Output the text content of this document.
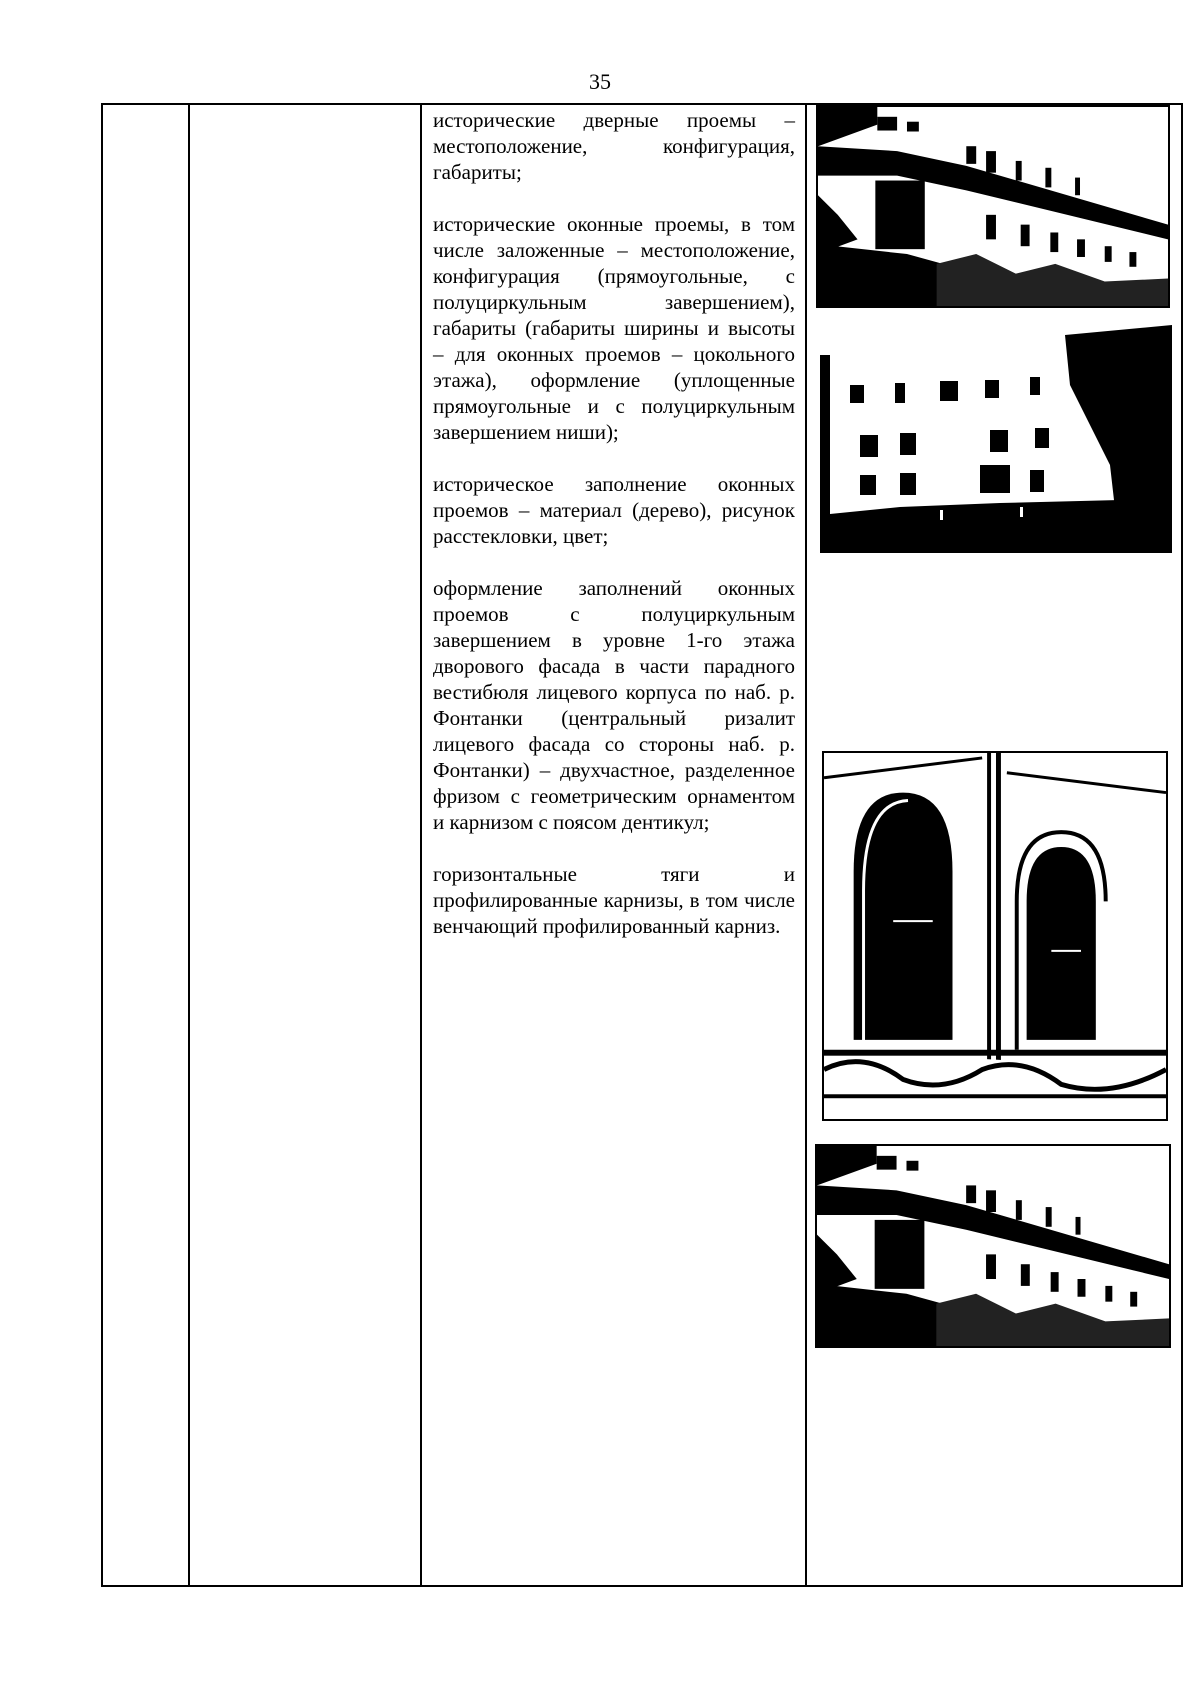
35

исторические дверные проемы – местоположение, конфигурация, габариты;

исторические оконные проемы, в том числе заложенные – местоположение, конфигурация (прямоугольные, с полуциркульным завершением), габариты (габариты ширины и высоты – для оконных проемов – цокольного этажа), оформление (уплощенные прямоугольные и с полуциркульным завершением ниши);

историческое заполнение оконных проемов – материал (дерево), рисунок расстекловки, цвет;

оформление заполнений оконных проемов с полуциркульным завершением в уровне 1-го этажа дворового фасада в части парадного вестибюля лицевого корпуса по наб. р. Фонтанки (центральный ризалит лицевого фасада со стороны наб. р. Фонтанки) – двухчастное, разделенное фризом с геометрическим орнаментом и карнизом с поясом дентикул;

горизонтальные тяги и профилированные карнизы, в том числе венчающий профилированный карниз.
